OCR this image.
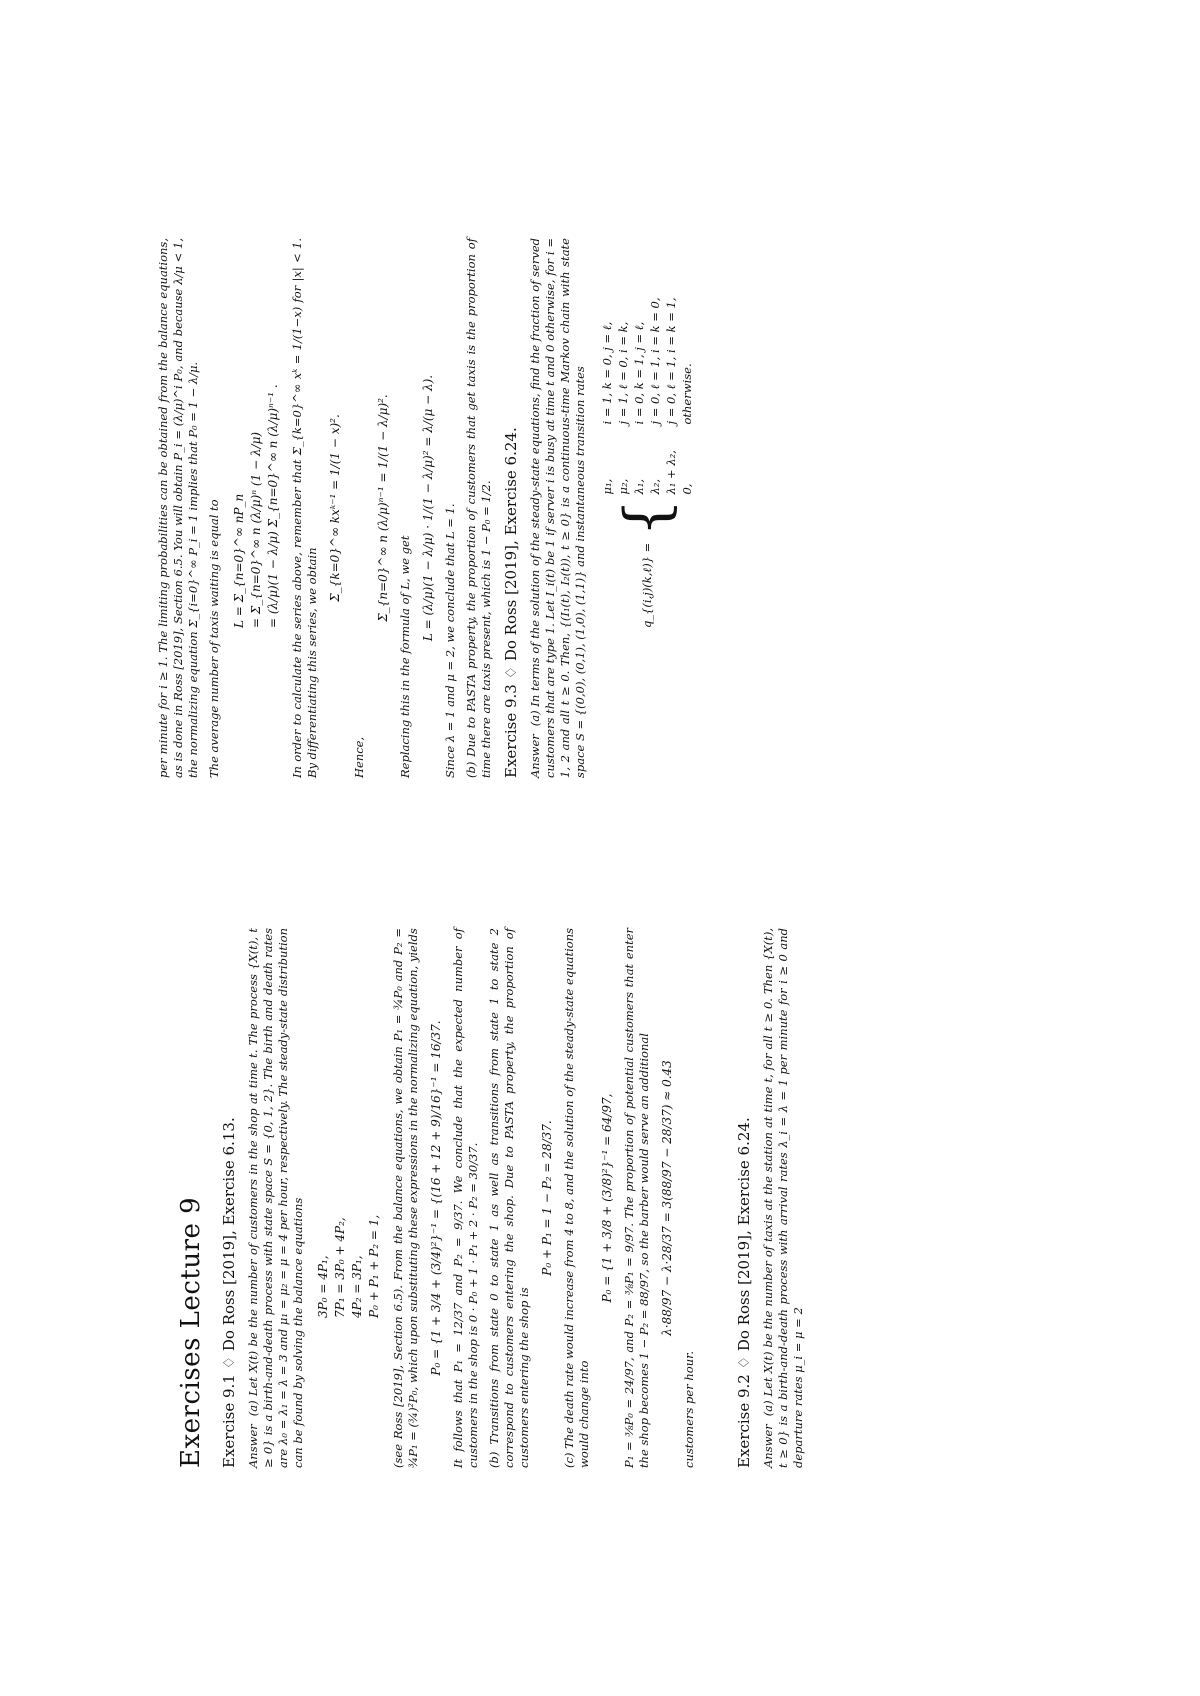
Exercises Lecture 9 Exercise 9.1 ♢ Do Ross [2019], Exercise 6.13. Answer(a) Let X(t) be the number of customers in the shop at time t. The process {X(t), t ≥ 0} is a birth-and-death process with state space S = {0, 1, 2}. The birth and death rates are λ₀ = λ₁ = λ = 3 and μ₁ = μ₂ = μ = 4 per hour, respectively. The steady-state distribution can be found by solving the balance equations 3P₀ = 4P₁, 7P₁ = 3P₀ + 4P₂, 4P₂ = 3P₁, P₀ + P₁ + P₂ = 1, (see Ross [2019], Section 6.5). From the balance equations, we obtain P₁ = ¾P₀ and P₂ = ¾P₁ = (¾)²P₀, which upon substituting these expressions in the normalizing equation, yields P₀ = {1 + 3/4 + (3/4)²}⁻¹ = {(16 + 12 + 9)/16}⁻¹ = 16/37. It follows that P₁ = 12/37 and P₂ = 9/37. We conclude that the expected number of customers in the shop is 0 · P₀ + 1 · P₁ + 2 · P₂ = 30/37. (b) Transitions from state 0 to state 1 as well as transitions from state 1 to state 2 correspond to customers entering the shop. Due to PASTA property, the proportion of customers entering the shop is

P₀ + P₁ = 1 − P₂ = 28/37. (c) The death rate would increase from 4 to 8, and the solution of the steady-state equations would change into

P₀ = {1 + 3/8 + (3/8)²}⁻¹ = 64/97, P₁ = ⅜P₀ = 24/97, and P₂ = ⅜P₁ = 9/97. The proportion of potential customers that enter the shop becomes 1 − P₂ = 88/97, so the barber would serve an additional λ·88/97 − λ·28/37 = 3(88/97 − 28/37) ≈ 0.43

customers per hour.	Exercise 9.2 ♢ Do Ross [2019], Exercise 6.24. Answer(a) Let X(t) be the number of taxis at the station at time t, for all t ≥ 0. Then {X(t), t ≥ 0} is a birth-and-death process with arrival rates λ_i = λ = 1 per minute for i ≥ 0 and departure rates μ_i = μ = 2

per minute for i ≥ 1. The limiting probabilities can be obtained from the balance equations, as is done in Ross [2019], Section 6.5. You will obtain P_i = (λ/μ)^i P₀, and because λ/μ < 1, the normalizing equation Σ_{i=0}^∞ P_i = 1 implies that P₀ = 1 − λ/μ. The average number of taxis waiting is equal to L = Σ_{n=0}^∞ nP_n = Σ_{n=0}^∞ n (λ/μ)ⁿ (1 − λ/μ) = (λ/μ)(1 − λ/μ) Σ_{n=0}^∞ n (λ/μ)ⁿ⁻¹ . In order to calculate the series above, remember that Σ_{k=0}^∞ xᵏ = 1/(1−x) for |x| < 1. By differentiating this series, we obtain

Σ_{k=0}^∞ kxᵏ⁻¹ = 1/(1 − x)².
Hence,
Σ_{n=0}^∞ n (λ/μ)ⁿ⁻¹ = 1/(1 − λ/μ)².

Replacing this in the formula of L, we get

L = (λ/μ)(1 − λ/μ) · 1/(1 − λ/μ)² = λ/(μ − λ). Since λ = 1 and μ = 2, we conclude that L = 1. (b) Due to PASTA property, the proportion of customers that get taxis is the proportion of time there are taxis present, which is 1 − P₀ = 1/2. Exercise 9.3 ♢ Do Ross [2019], Exercise 6.24. Answer(a) In terms of the solution of the steady-state equations, find the fraction of served customers that are type 1. Let I_i(t) be 1 if server i is busy at time t and 0 otherwise, for i = 1, 2 and all t ≥ 0. Then, {(I₁(t), I₂(t)), t ≥ 0} is a continuous-time Markov chain with state space S = {(0,0), (0,1), (1,0), (1,1)} and instantaneous transition rates	q_{(i,j)(k,ℓ)} =
{
μ₁,
i = 1, k = 0, j = ℓ,
μ₂,
j = 1, ℓ = 0, i = k,
λ₁,
i = 0, k = 1, j = ℓ,
λ₂,
j = 0, ℓ = 1, i = k = 0,
λ₁ + λ₂,
j = 0, ℓ = 1, i = k = 1,
0,
otherwise.
